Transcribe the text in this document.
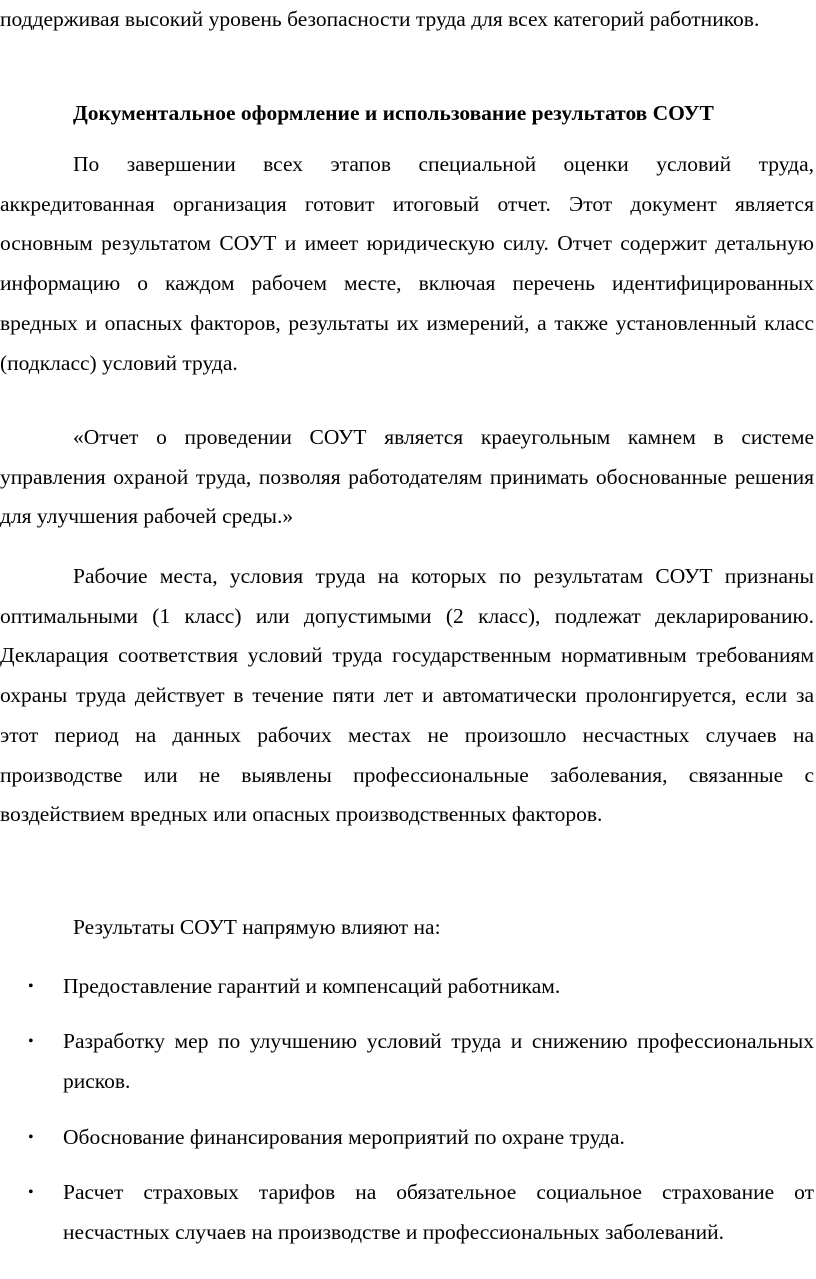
поддерживая высокий уровень безопасности труда для всех категорий работников.

Документальное оформление и использование результатов СОУТ

По завершении всех этапов специальной оценки условий труда, аккредитованная организация готовит итоговый отчет. Этот документ является основным результатом СОУТ и имеет юридическую силу. Отчет содержит детальную информацию о каждом рабочем месте, включая перечень идентифицированных вредных и опасных факторов, результаты их измерений, а также установленный класс (подкласс) условий труда.

«Отчет о проведении СОУТ является краеугольным камнем в системе управления охраной труда, позволяя работодателям принимать обоснованные решения для улучшения рабочей среды.»

Рабочие места, условия труда на которых по результатам СОУТ признаны оптимальными (1 класс) или допустимыми (2 класс), подлежат декларированию. Декларация соответствия условий труда государственным нормативным требованиям охраны труда действует в течение пяти лет и автоматически пролонгируется, если за этот период на данных рабочих местах не произошло несчастных случаев на производстве или не выявлены профессиональные заболевания, связанные с воздействием вредных или опасных производственных факторов.

Результаты СОУТ напрямую влияют на:

• Предоставление гарантий и компенсаций работникам.

• Разработку мер по улучшению условий труда и снижению профессиональных рисков.

• Обоснование финансирования мероприятий по охране труда.

• Расчет страховых тарифов на обязательное социальное страхование от несчастных случаев на производстве и профессиональных заболеваний.
